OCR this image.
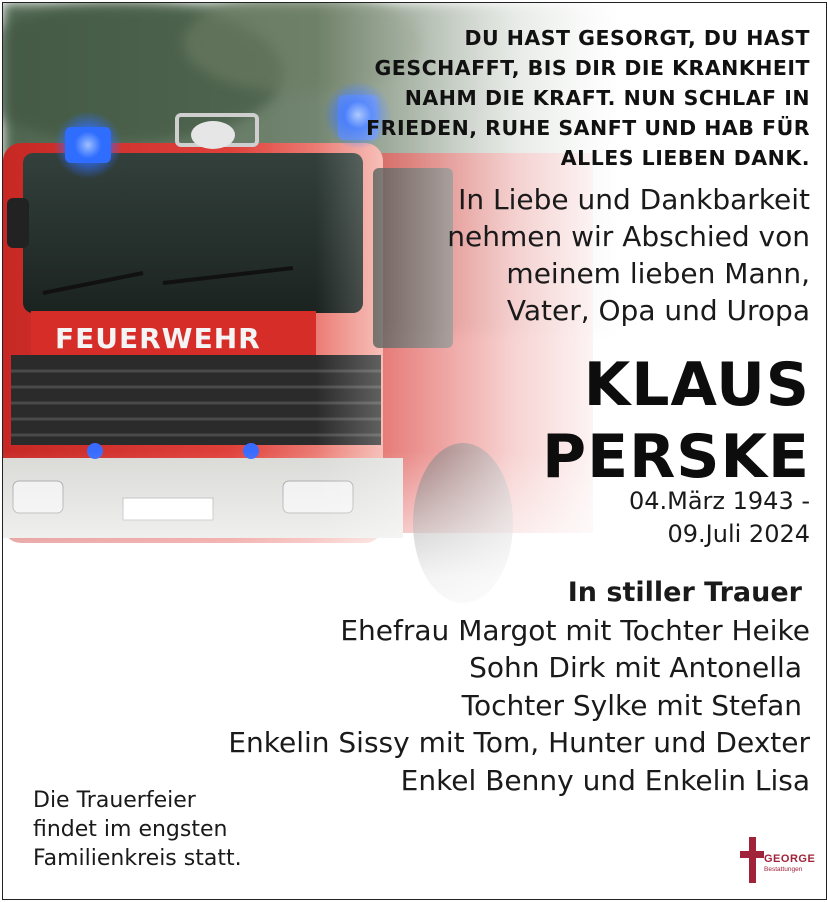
DU HAST GESORGT, DU HAST
GESCHAFFT, BIS DIR DIE KRANKHEIT
NAHM DIE KRAFT. NUN SCHLAF IN
FRIEDEN, RUHE SANFT UND HAB FÜR
ALLES LIEBEN DANK.
In Liebe und Dankbarkeit
nehmen wir Abschied von
meinem lieben Mann,
Vater, Opa und Uropa
KLAUS
PERSKE
04.März 1943 -
09.Juli 2024
In stiller Trauer
Ehefrau Margot mit Tochter Heike
Sohn Dirk mit Antonella
Tochter Sylke mit Stefan
Enkelin Sissy mit Tom, Hunter und Dexter
Enkel Benny und Enkelin Lisa
Die Trauerfeier
findet im engsten
Familienkreis statt.	GEORGE
Bestattungen
